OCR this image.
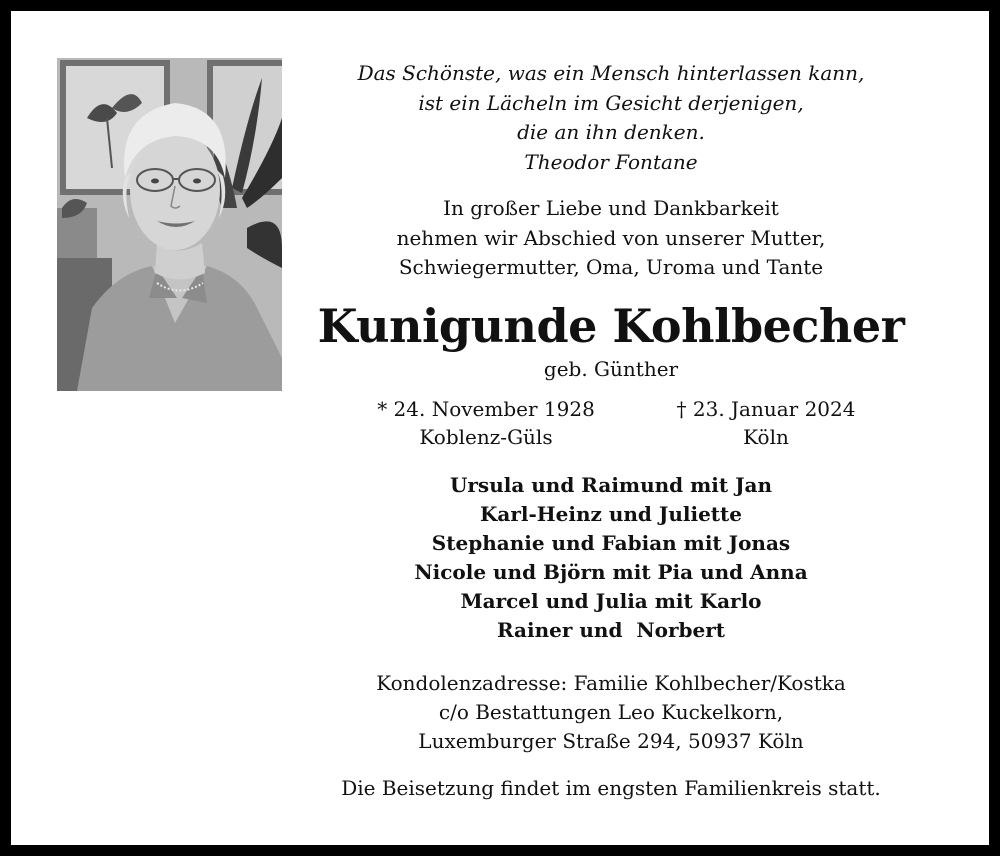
Das Schönste, was ein Mensch hinterlassen kann,
ist ein Lächeln im Gesicht derjenigen,
die an ihn denken.
Theodor Fontane
In großer Liebe und Dankbarkeit
nehmen wir Abschied von unserer Mutter,
Schwiegermutter, Oma, Uroma und Tante
Kunigunde Kohlbecher
geb. Günther
* 24. November 1928
Koblenz-Güls
† 23. Januar 2024
Köln
Ursula und Raimund mit Jan
Karl-Heinz und Juliette
Stephanie und Fabian mit Jonas
Nicole und Björn mit Pia und Anna
Marcel und Julia mit Karlo
Rainer und  Norbert
Kondolenzadresse: Familie Kohlbecher/Kostka
c/o Bestattungen Leo Kuckelkorn,
Luxemburger Straße 294, 50937 Köln
Die Beisetzung findet im engsten Familienkreis statt.
